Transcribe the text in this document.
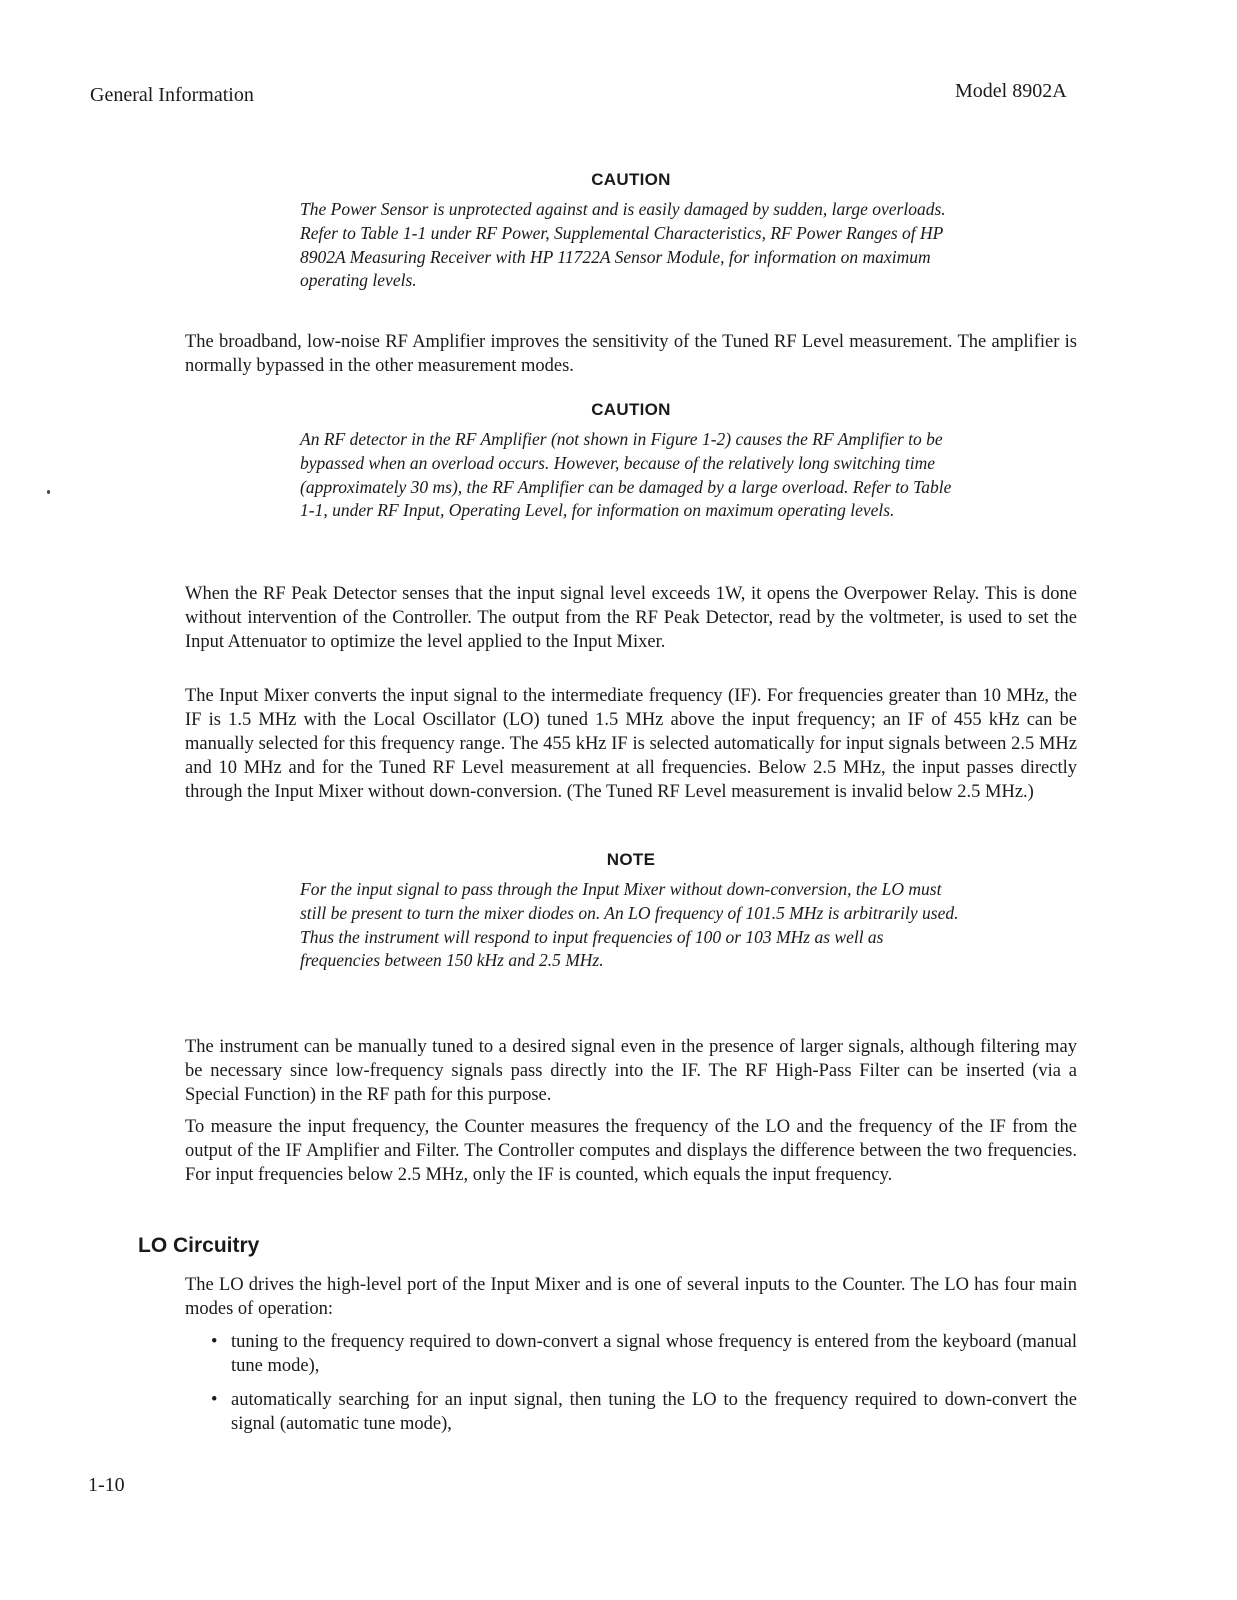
General Information	Model 8902A
CAUTION

The Power Sensor is unprotected against and is easily damaged by sudden, large overloads. Refer to Table 1-1 under RF Power, Supplemental Characteristics, RF Power Ranges of HP 8902A Measuring Receiver with HP 11722A Sensor Module, for information on maximum operating levels.

The broadband, low-noise RF Amplifier improves the sensitivity of the Tuned RF Level measurement. The amplifier is normally bypassed in the other measurement modes.

CAUTION

An RF detector in the RF Amplifier (not shown in Figure 1-2) causes the RF Amplifier to be bypassed when an overload occurs. However, because of the relatively long switching time (approximately 30 ms), the RF Amplifier can be damaged by a large overload. Refer to Table 1-1, under RF Input, Operating Level, for information on maximum operating levels.

When the RF Peak Detector senses that the input signal level exceeds 1W, it opens the Overpower Relay. This is done without intervention of the Controller. The output from the RF Peak Detector, read by the voltmeter, is used to set the Input Attenuator to optimize the level applied to the Input Mixer.

The Input Mixer converts the input signal to the intermediate frequency (IF). For frequencies greater than 10 MHz, the IF is 1.5 MHz with the Local Oscillator (LO) tuned 1.5 MHz above the input frequency; an IF of 455 kHz can be manually selected for this frequency range. The 455 kHz IF is selected automatically for input signals between 2.5 MHz and 10 MHz and for the Tuned RF Level measurement at all frequencies. Below 2.5 MHz, the input passes directly through the Input Mixer without down-conversion. (The Tuned RF Level measurement is invalid below 2.5 MHz.)

NOTE

For the input signal to pass through the Input Mixer without down-conversion, the LO must still be present to turn the mixer diodes on. An LO frequency of 101.5 MHz is arbitrarily used. Thus the instrument will respond to input frequencies of 100 or 103 MHz as well as frequencies between 150 kHz and 2.5 MHz.

The instrument can be manually tuned to a desired signal even in the presence of larger signals, although filtering may be necessary since low-frequency signals pass directly into the IF. The RF High-Pass Filter can be inserted (via a Special Function) in the RF path for this purpose.

To measure the input frequency, the Counter measures the frequency of the LO and the frequency of the IF from the output of the IF Amplifier and Filter. The Controller computes and displays the difference between the two frequencies. For input frequencies below 2.5 MHz, only the IF is counted, which equals the input frequency.

LO Circuitry

The LO drives the high-level port of the Input Mixer and is one of several inputs to the Counter. The LO has four main modes of operation:

• tuning to the frequency required to down-convert a signal whose frequency is entered from the keyboard (manual tune mode),
• automatically searching for an input signal, then tuning the LO to the frequency required to down-convert the signal (automatic tune mode),
1-10
